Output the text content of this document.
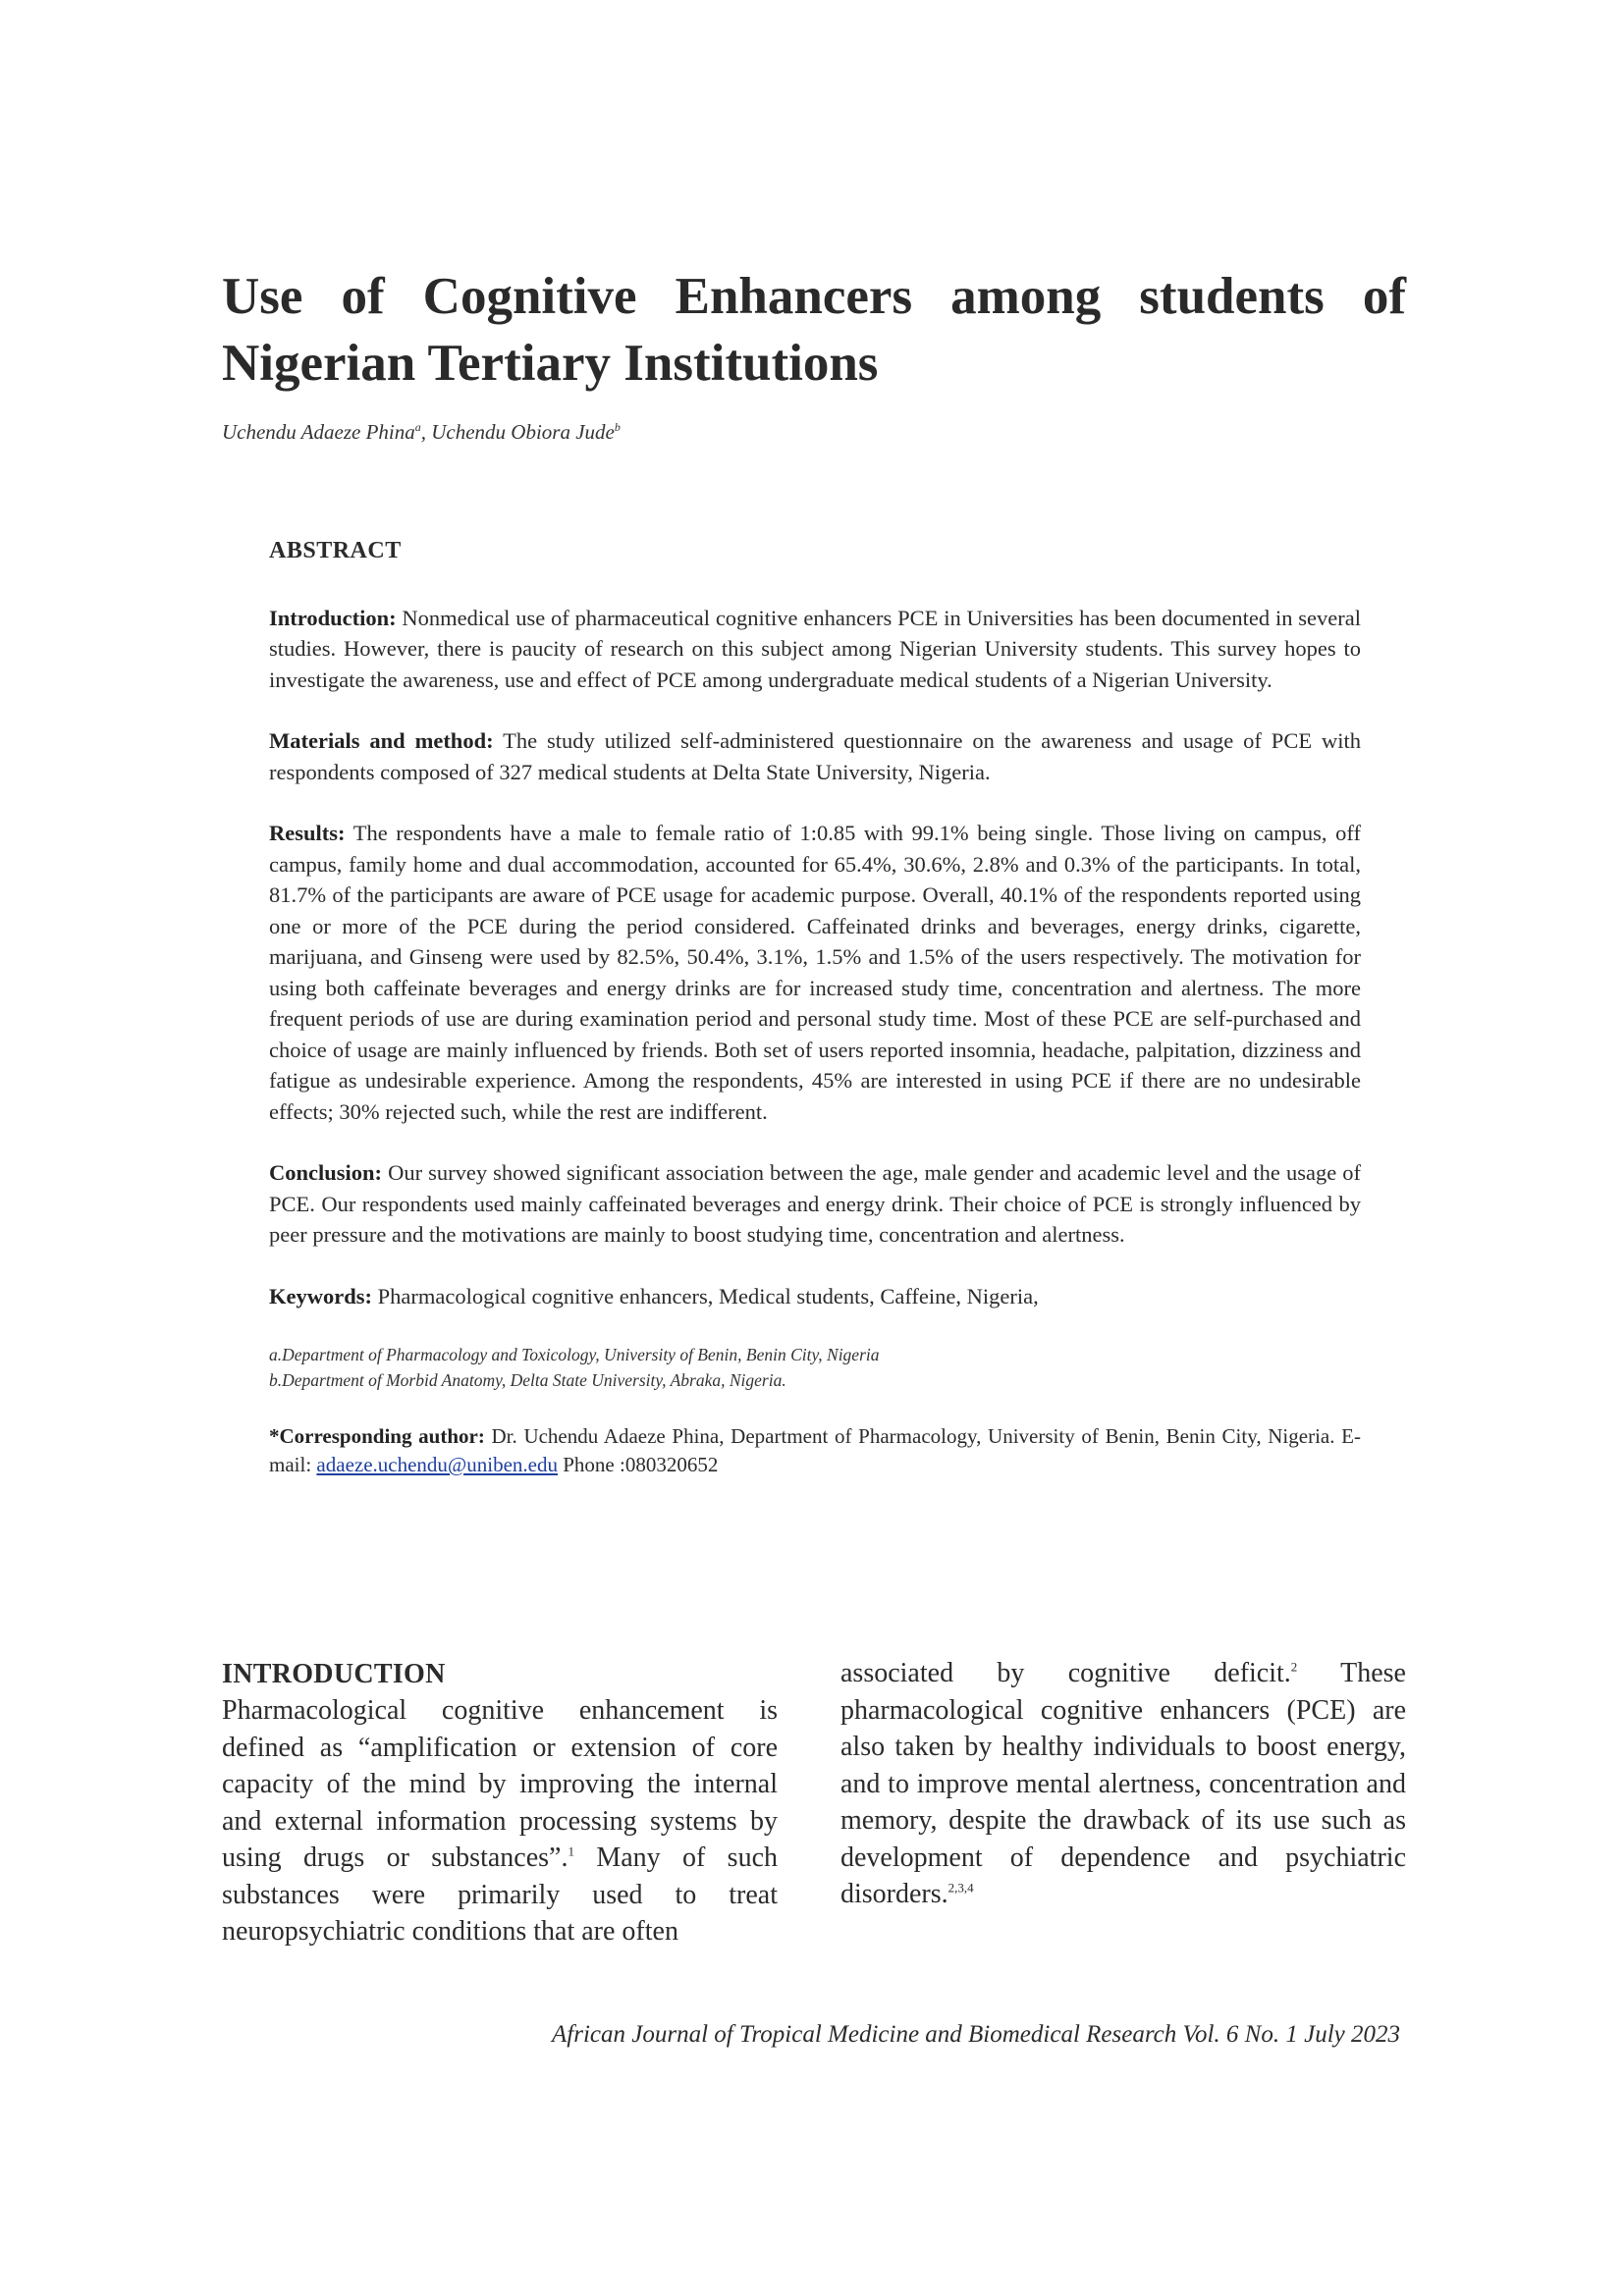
Use of Cognitive Enhancers among students of
Nigerian Tertiary Institutions
Uchendu Adaeze Phina$^a$, Uchendu Obiora Jude$^b$
ABSTRACT

Introduction: Nonmedical use of pharmaceutical cognitive enhancers PCE in Universities has been documented in several studies. However, there is paucity of research on this subject among Nigerian University students. This survey hopes to investigate the awareness, use and effect of PCE among undergraduate medical students of a Nigerian University.

Materials and method: The study utilized self-administered questionnaire on the awareness and usage of PCE with respondents composed of 327 medical students at Delta State University, Nigeria.

Results: The respondents have a male to female ratio of 1:0.85 with 99.1% being single. Those living on campus, off campus, family home and dual accommodation, accounted for 65.4%, 30.6%, 2.8% and 0.3% of the participants. In total, 81.7% of the participants are aware of PCE usage for academic purpose. Overall, 40.1% of the respondents reported using one or more of the PCE during the period considered. Caffeinated drinks and beverages, energy drinks, cigarette, marijuana, and Ginseng were used by 82.5%, 50.4%, 3.1%, 1.5% and 1.5% of the users respectively. The motivation for using both caffeinate beverages and energy drinks are for increased study time, concentration and alertness. The more frequent periods of use are during examination period and personal study time. Most of these PCE are self-purchased and choice of usage are mainly influenced by friends. Both set of users reported insomnia, headache, palpitation, dizziness and fatigue as undesirable experience. Among the respondents, 45% are interested in using PCE if there are no undesirable effects; 30% rejected such, while the rest are indifferent.

Conclusion: Our survey showed significant association between the age, male gender and academic level and the usage of PCE. Our respondents used mainly caffeinated beverages and energy drink. Their choice of PCE is strongly influenced by peer pressure and the motivations are mainly to boost studying time, concentration and alertness.

Keywords: Pharmacological cognitive enhancers, Medical students, Caffeine, Nigeria,

a.Department of Pharmacology and Toxicology, University of Benin, Benin City, Nigeria
b.Department of Morbid Anatomy, Delta State University, Abraka, Nigeria.

*Corresponding author: Dr. Uchendu Adaeze Phina, Department of Pharmacology, University of Benin, Benin City, Nigeria. E-mail: adaeze.uchendu@uniben.edu Phone :080320652

INTRODUCTION

Pharmacological cognitive enhancement is defined as “amplification or extension of core capacity of the mind by improving the internal and external information processing systems by using drugs or substances”.$^1$ Many of such substances were primarily used to treat neuropsychiatric conditions that are often

associated by cognitive deficit.$^2$ These pharmacological cognitive enhancers (PCE) are also taken by healthy individuals to boost energy, and to improve mental alertness, concentration and memory, despite the drawback of its use such as development of dependence and psychiatric disorders.$^{2,3,4}$

African Journal of Tropical Medicine and Biomedical Research Vol. 6 No. 1 July 2023
